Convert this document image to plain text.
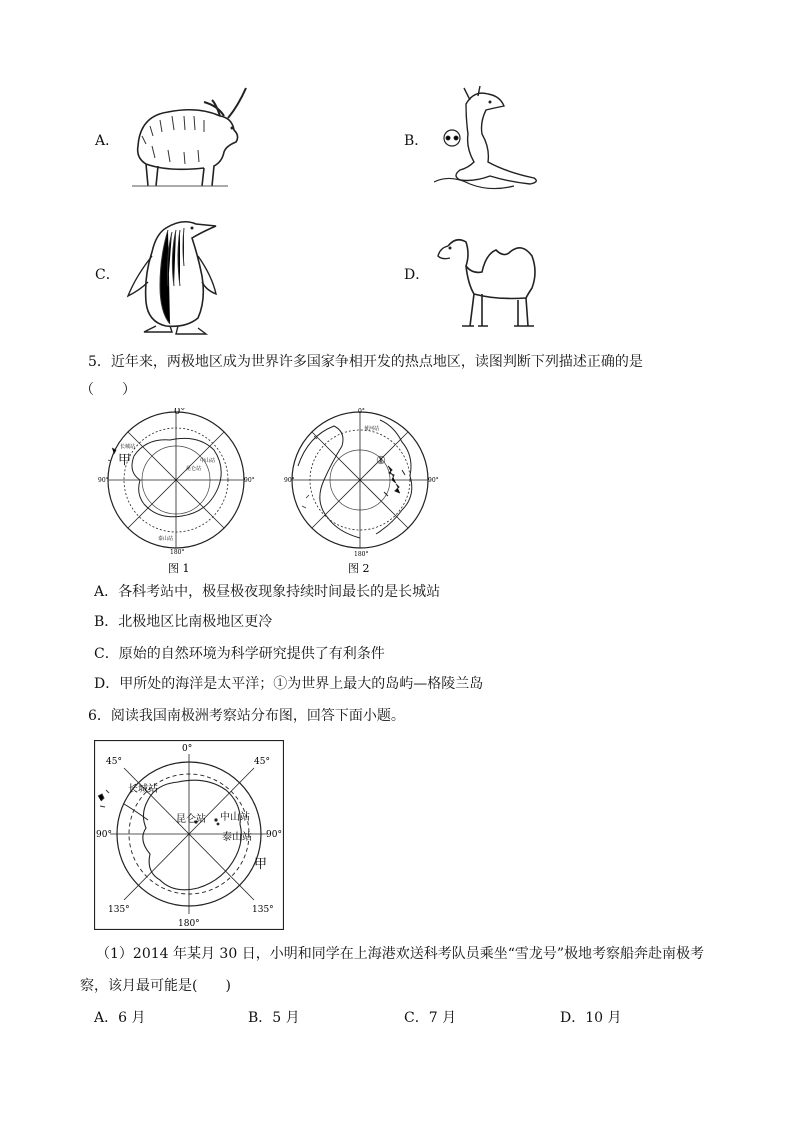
A．	B．
C．	D．
5．近年来，两极地区成为世界许多国家争相开发的热点地区，读图判断下列描述正确的是
（　　）
0°
90°	90°
180°
甲
长城站
中山站
昆仑站
泰山站
图 1
0°
90°	90°
180°
①
黄河站
图 2
A．各科考站中，极昼极夜现象持续时间最长的是长城站
B．北极地区比南极地区更冷
C．原始的自然环境为科学研究提供了有利条件
D．甲所处的海洋是太平洋；①为世界上最大的岛屿—格陵兰岛
6．阅读我国南极洲考察站分布图，回答下面小题。
0°
45°	45°
90°	90°
135°	135°
180°
长城站
昆仑站 中山站
泰山站
甲
（1）2014 年某月 30 日，小明和同学在上海港欢送科考队员乘坐“雪龙号”极地考察船奔赴南极考
察，该月最可能是(　　)
A．6 月	B．5 月	C．7 月	D．10 月
